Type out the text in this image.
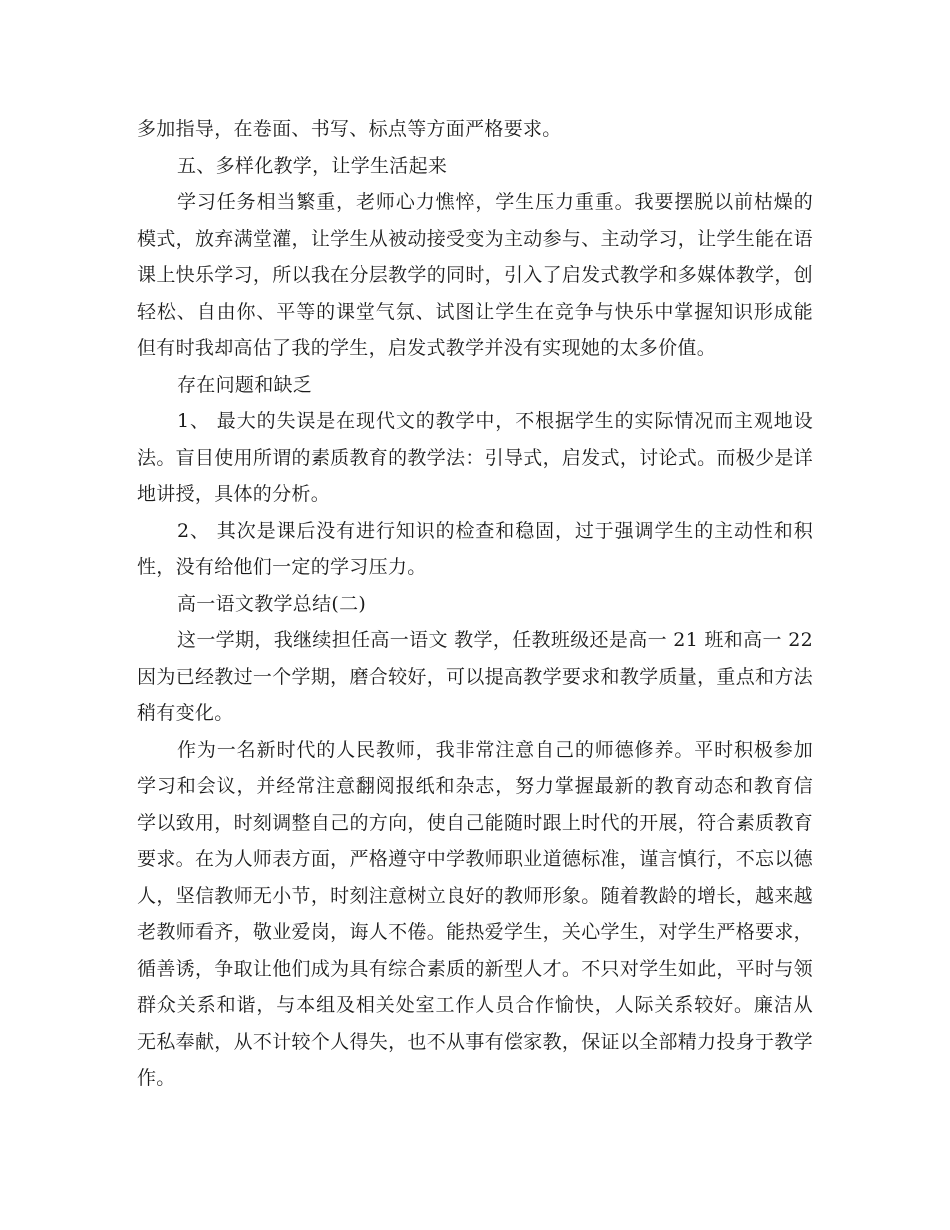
多加指导，在卷面、书写、标点等方面严格要求。
五、多样化教学，让学生活起来
学习任务相当繁重，老师心力憔悴，学生压力重重。我要摆脱以前枯燥的
模式，放弃满堂灌，让学生从被动接受变为主动参与、主动学习，让学生能在语
课上快乐学习，所以我在分层教学的同时，引入了启发式教学和多媒体教学，创
轻松、自由你、平等的课堂气氛、试图让学生在竞争与快乐中掌握知识形成能
但有时我却高估了我的学生，启发式教学并没有实现她的太多价值。
存在问题和缺乏
1、 最大的失误是在现代文的教学中，不根据学生的实际情况而主观地设
法。盲目使用所谓的素质教育的教学法：引导式，启发式，讨论式。而极少是详
地讲授，具体的分析。
2、 其次是课后没有进行知识的检查和稳固，过于强调学生的主动性和积
性，没有给他们一定的学习压力。
高一语文教学总结(二)
这一学期，我继续担任高一语文 教学，任教班级还是高一 21 班和高一 22
因为已经教过一个学期，磨合较好，可以提高教学要求和教学质量，重点和方法
稍有变化。
作为一名新时代的人民教师，我非常注意自己的师德修养。平时积极参加
学习和会议，并经常注意翻阅报纸和杂志，努力掌握最新的教育动态和教育信
学以致用，时刻调整自己的方向，使自己能随时跟上时代的开展，符合素质教育
要求。在为人师表方面，严格遵守中学教师职业道德标准，谨言慎行，不忘以德
人，坚信教师无小节，时刻注意树立良好的教师形象。随着教龄的增长，越来越
老教师看齐，敬业爱岗，诲人不倦。能热爱学生，关心学生，对学生严格要求，
循善诱，争取让他们成为具有综合素质的新型人才。不只对学生如此，平时与领
群众关系和谐，与本组及相关处室工作人员合作愉快，人际关系较好。廉洁从
无私奉献，从不计较个人得失，也不从事有偿家教，保证以全部精力投身于教学
作。
